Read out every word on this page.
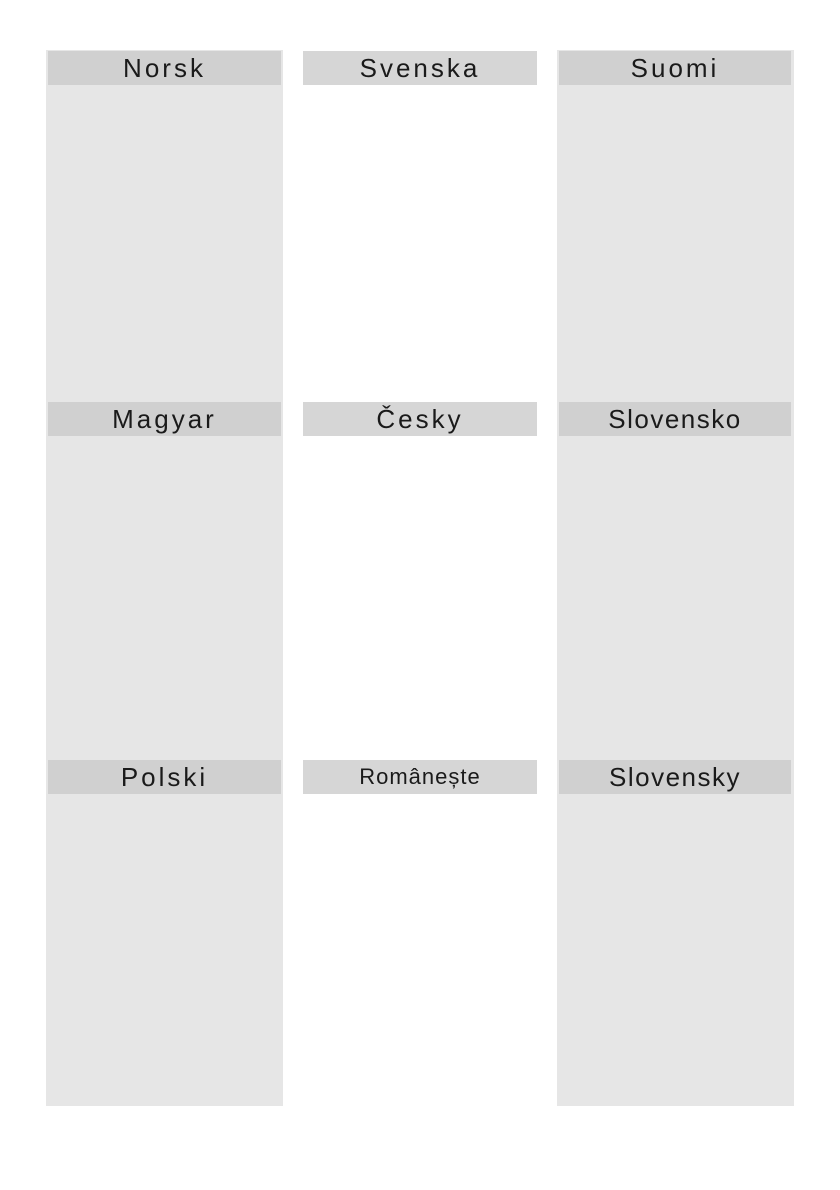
Norsk	Svenska	Suomi
Magyar	Česky	Slovensko
Polski	Românește	Slovensky
